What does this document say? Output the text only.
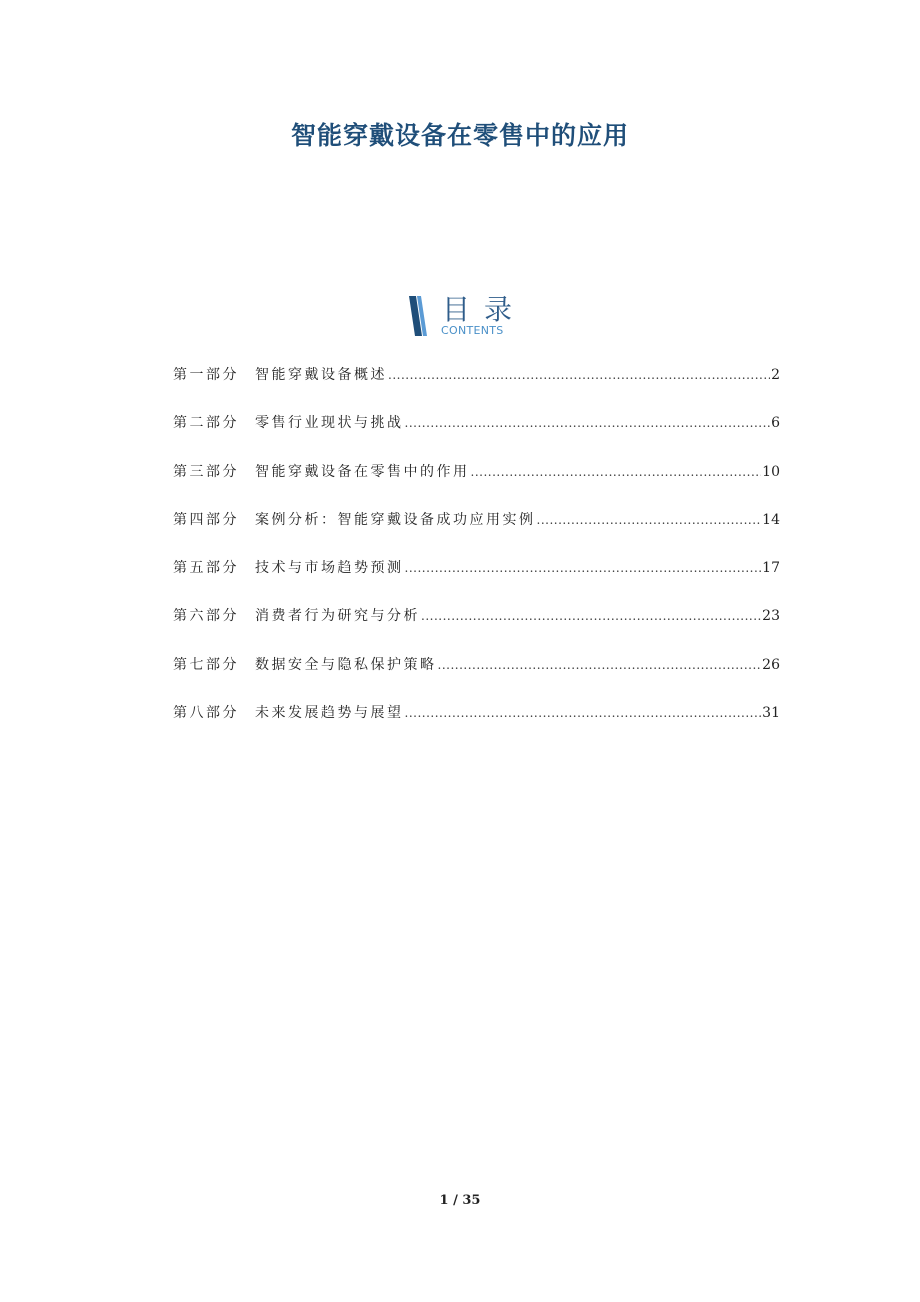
智能穿戴设备在零售中的应用
目录
CONTENTS
第一部分	智能穿戴设备概述 .....	2
第二部分	零售行业现状与挑战 .....	6
第三部分	智能穿戴设备在零售中的作用 .....	10
第四部分	案例分析：智能穿戴设备成功应用实例 .....	14
第五部分	技术与市场趋势预测 .....	17
第六部分	消费者行为研究与分析 .....	23
第七部分	数据安全与隐私保护策略 .....	26
第八部分	未来发展趋势与展望 .....	31
1 / 35
